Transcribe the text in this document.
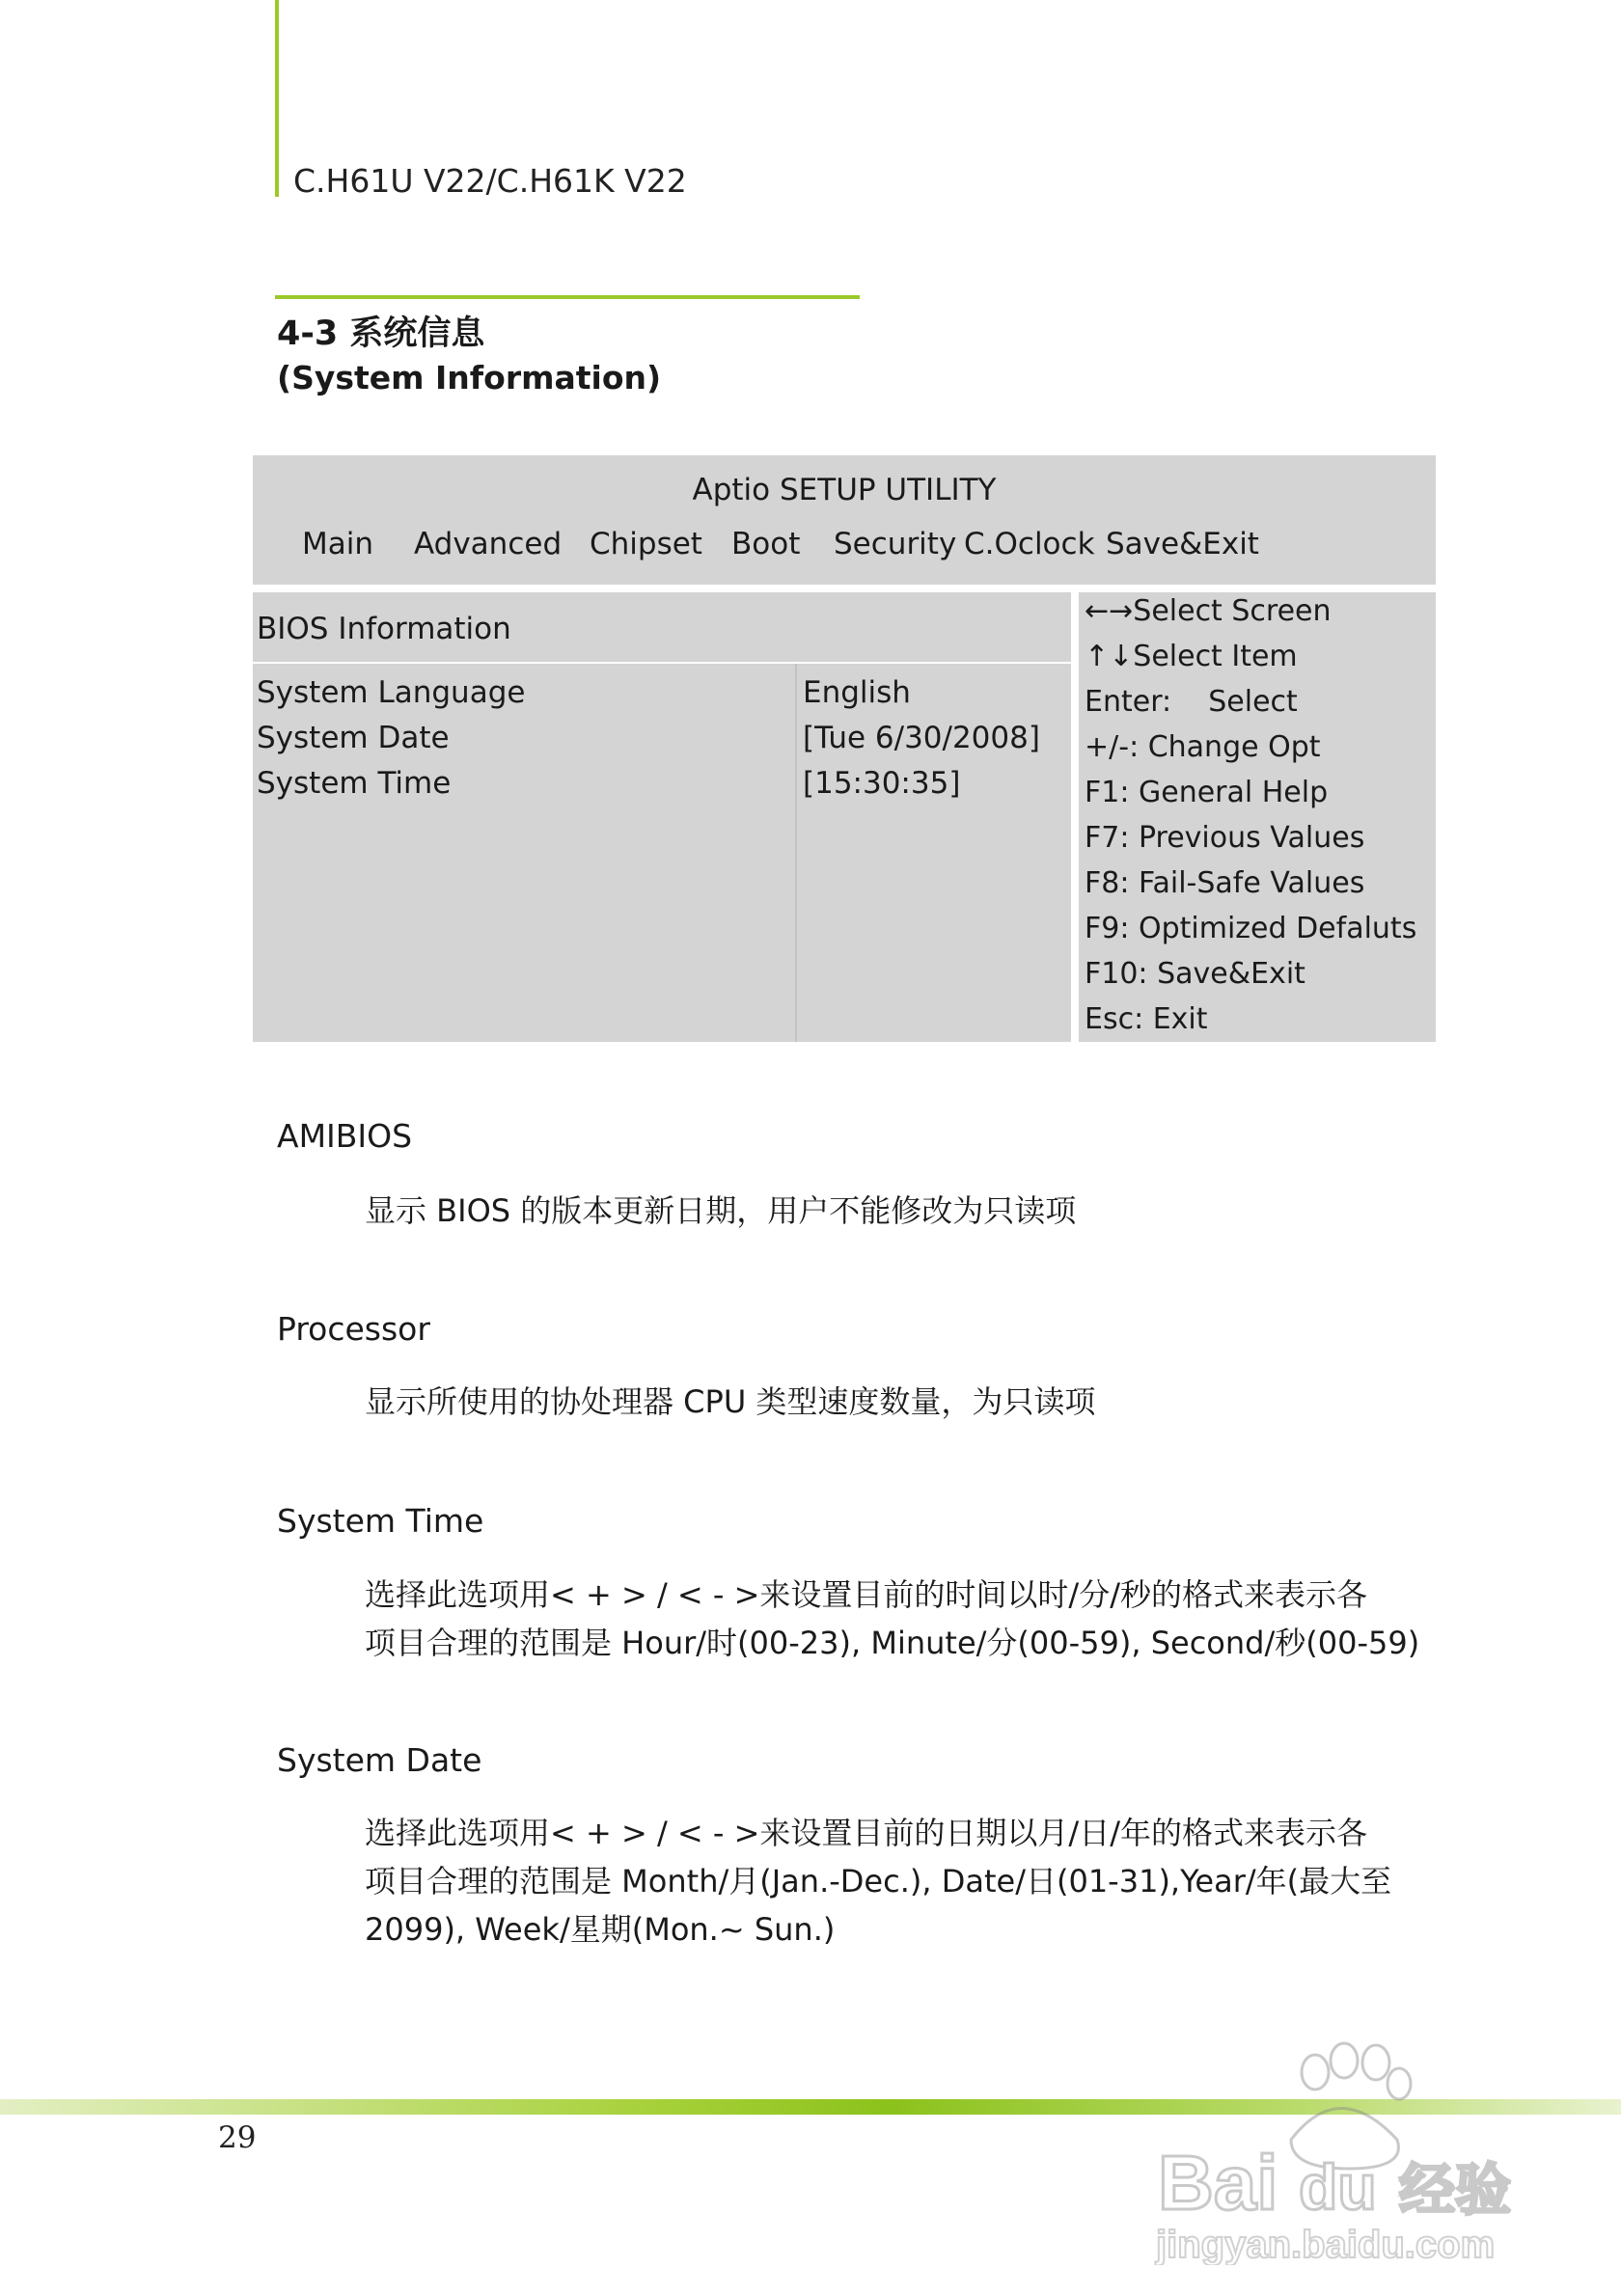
C.H61U V22/C.H61K V22
4-3 系统信息
(System Information)
Aptio SETUP UTILITY
Main Advanced Chipset Boot Security C.Oclock Save&Exit
BIOS Information
System Language	English
System Date	[Tue 6/30/2008]
System Time	[15:30:35]
←→Select Screen
↑↓Select Item
Enter:    Select
+/-: Change Opt
F1: General Help
F7: Previous Values
F8: Fail-Safe Values
F9: Optimized Defaluts
F10: Save&Exit
Esc: Exit
AMIBIOS
显示 BIOS 的版本更新日期，用户不能修改为只读项
Processor
显示所使用的协处理器 CPU 类型速度数量，为只读项
System Time
选择此选项用< + > / < - >来设置目前的时间以时/分/秒的格式来表示各
项目合理的范围是 Hour/时(00-23), Minute/分(00-59), Second/秒(00-59)
System Date
选择此选项用< + > / < - >来设置目前的日期以月/日/年的格式来表示各
项目合理的范围是 Month/月(Jan.-Dec.), Date/日(01-31),Year/年(最大至
2099), Week/星期(Mon.~ Sun.)
29
Bai du 经验
jingyan.baidu.com
